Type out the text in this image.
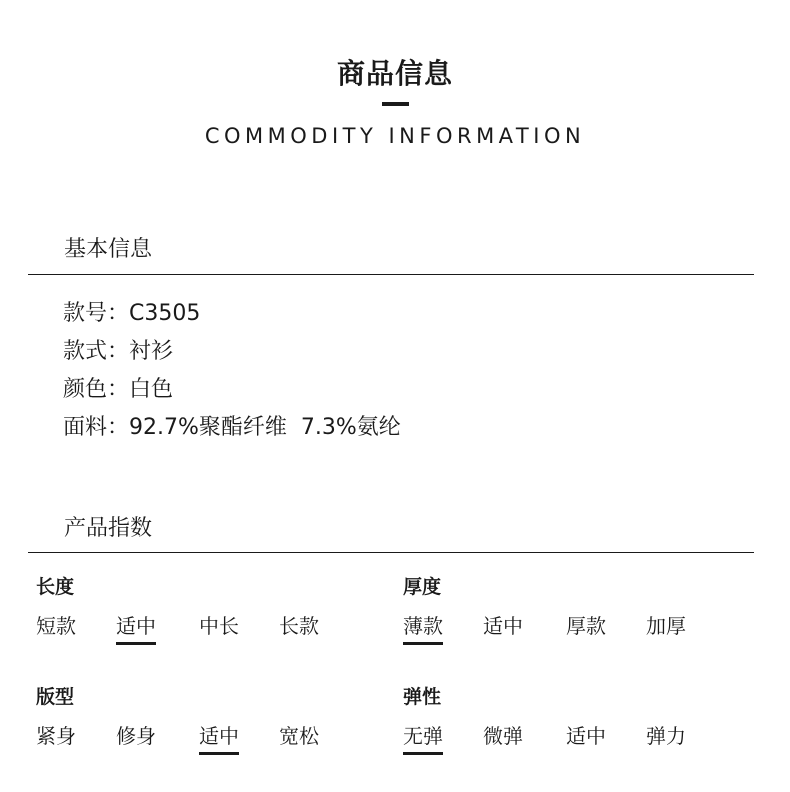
商品信息
COMMODITY INFORMATION
基本信息
款号：C3505
款式：衬衫
颜色：白色
面料：92.7%聚酯纤维  7.3%氨纶
产品指数
长度
短款 适中 中长 长款
厚度
薄款 适中 厚款 加厚
版型
紧身 修身 适中 宽松
弹性
无弹 微弹 适中 弹力
